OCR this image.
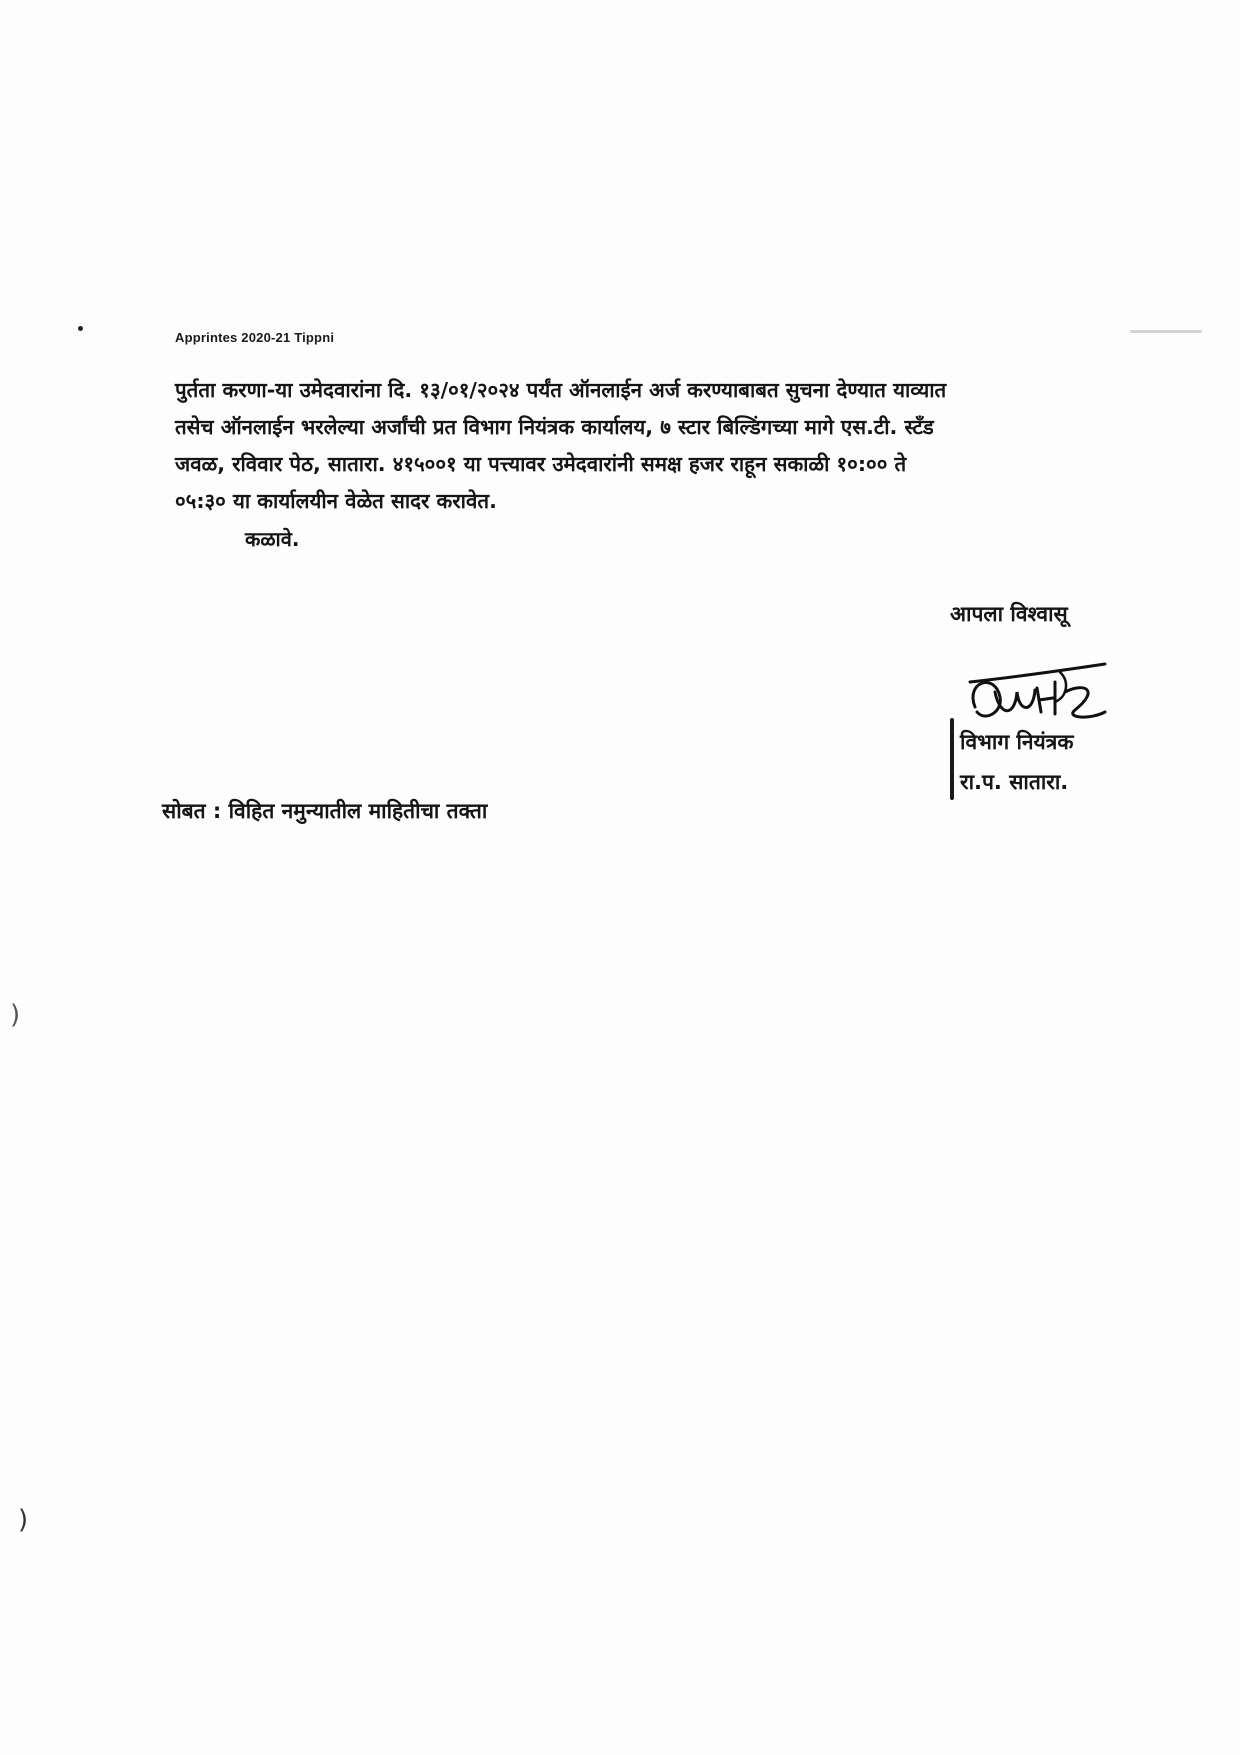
Apprintes 2020-21 Tippni
पुर्तता करणा-या उमेदवारांना दि. १३/०१/२०२४ पर्यंत ऑनलाईन अर्ज करण्याबाबत सुचना देण्यात याव्यात
तसेच ऑनलाईन भरलेल्या अर्जांची प्रत विभाग नियंत्रक कार्यालय, ७ स्टार बिल्डिंगच्या मागे एस.टी. स्टॅंड
जवळ, रविवार पेठ, सातारा. ४१५००१ या पत्त्यावर उमेदवारांनी समक्ष हजर राहून सकाळी १०:०० ते
०५:३० या कार्यालयीन वेळेत सादर करावेत.
कळावे.
आपला विश्वासू
विभाग नियंत्रक
रा.प. सातारा.
सोबत : विहित नमुन्यातील माहितीचा तक्ता
)
)
